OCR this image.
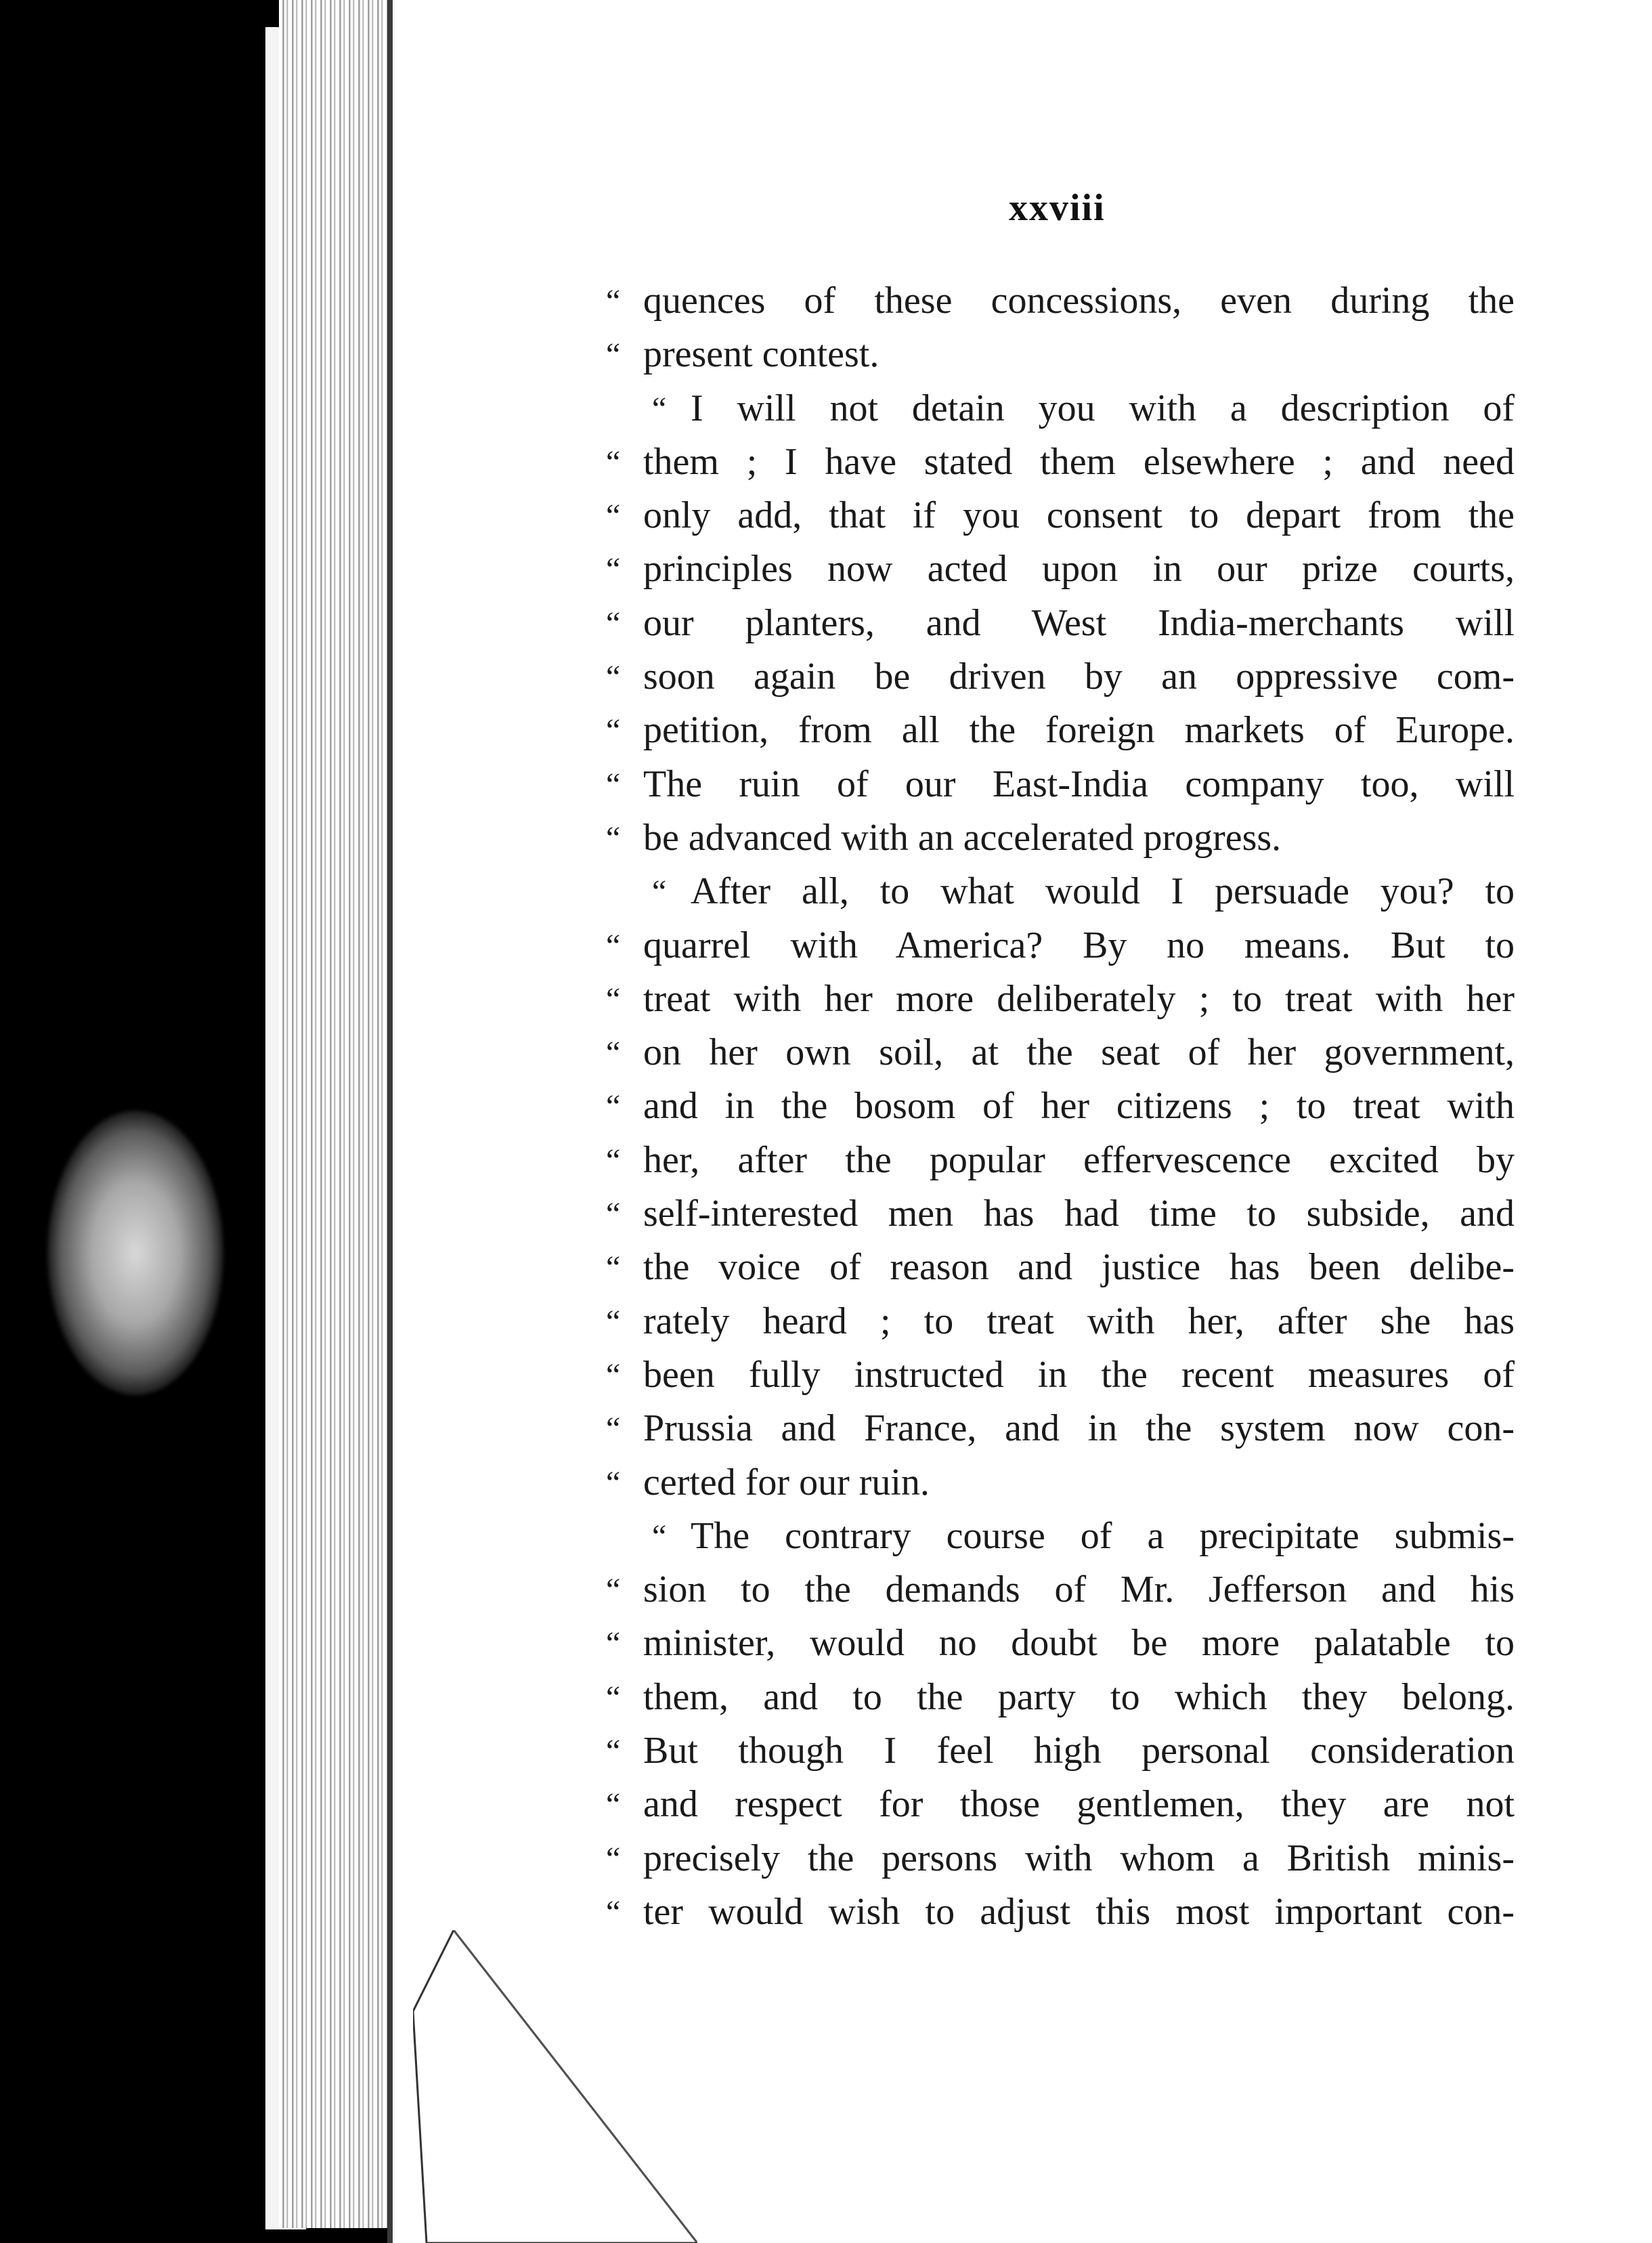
xxviii
“ quences of these concessions, even during the
“ present contest.
“ I will not detain you with a description of
“ them ; I have stated them elsewhere ; and need
“ only add, that if you consent to depart from the
“ principles now acted upon in our prize courts,
“ our planters, and West India-merchants will
“ soon again be driven by an oppressive com-
“ petition, from all the foreign markets of Europe.
“ The ruin of our East-India company too, will
“ be advanced with an accelerated progress.
“ After all, to what would I persuade you? to
“ quarrel with America? By no means. But to
“ treat with her more deliberately ; to treat with her
“ on her own soil, at the seat of her government,
“ and in the bosom of her citizens ; to treat with
“ her, after the popular effervescence excited by
“ self-interested men has had time to subside, and
“ the voice of reason and justice has been delibe-
“ rately heard ; to treat with her, after she has
“ been fully instructed in the recent measures of
“ Prussia and France, and in the system now con-
“ certed for our ruin.
“ The contrary course of a precipitate submis-
“ sion to the demands of Mr. Jefferson and his
“ minister, would no doubt be more palatable to
“ them, and to the party to which they belong.
“ But though I feel high personal consideration
“ and respect for those gentlemen, they are not
“ precisely the persons with whom a British minis-
“ ter would wish to adjust this most important con-
